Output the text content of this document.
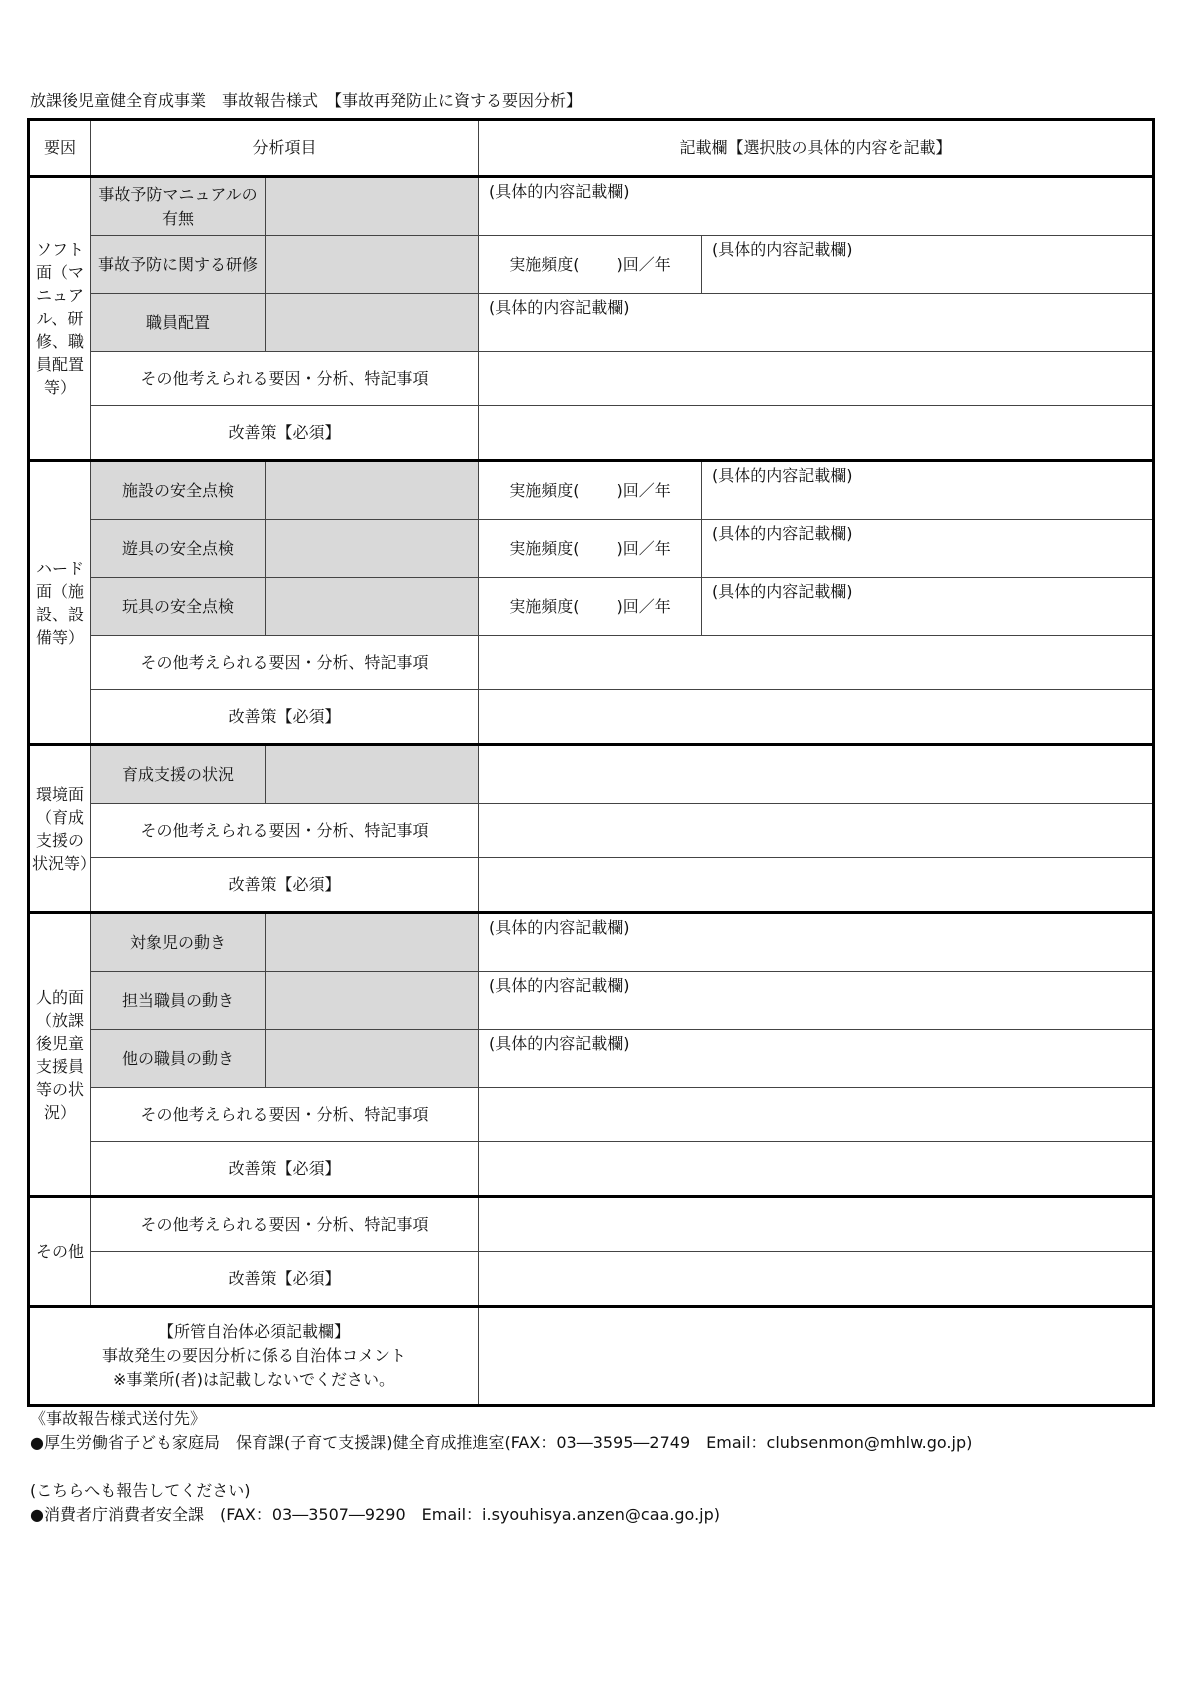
放課後児童健全育成事業　事故報告様式　【事故再発防止に資する要因分析】
要因	分析項目		記載欄【選択肢の具体的内容を記載】	
ソフト面（マニュアル、研修、職員配置等）	事故予防マニュアルの有無		(具体的内容記載欄)	
	事故予防に関する研修		実施頻度(　　 )回／年	(具体的内容記載欄)
	職員配置		(具体的内容記載欄)	
	その他考えられる要因・分析、特記事項			
	改善策【必須】			
ハード面（施設、設備等）	施設の安全点検		実施頻度(　　 )回／年	(具体的内容記載欄)
	遊具の安全点検		実施頻度(　　 )回／年	(具体的内容記載欄)
	玩具の安全点検		実施頻度(　　 )回／年	(具体的内容記載欄)
	その他考えられる要因・分析、特記事項			
	改善策【必須】			
環境面（育成支援の状況等）	育成支援の状況			
	その他考えられる要因・分析、特記事項			
	改善策【必須】			
人的面（放課後児童支援員等の状況）	対象児の動き		(具体的内容記載欄)	
	担当職員の動き		(具体的内容記載欄)	
	他の職員の動き		(具体的内容記載欄)	
	その他考えられる要因・分析、特記事項			
	改善策【必須】			
その他	その他考えられる要因・分析、特記事項			
	改善策【必須】			

【所管自治体必須記載欄】
事故発生の要因分析に係る自治体コメント
※事業所(者)は記載しないでください。				

《事故報告様式送付先》
●厚生労働省子ども家庭局　保育課(子育て支援課)健全育成推進室(FAX：03―3595―2749　Email：clubsenmon@mhlw.go.jp)
(こちらへも報告してください)
●消費者庁消費者安全課　(FAX：03―3507―9290　Email：i.syouhisya.anzen@caa.go.jp)
